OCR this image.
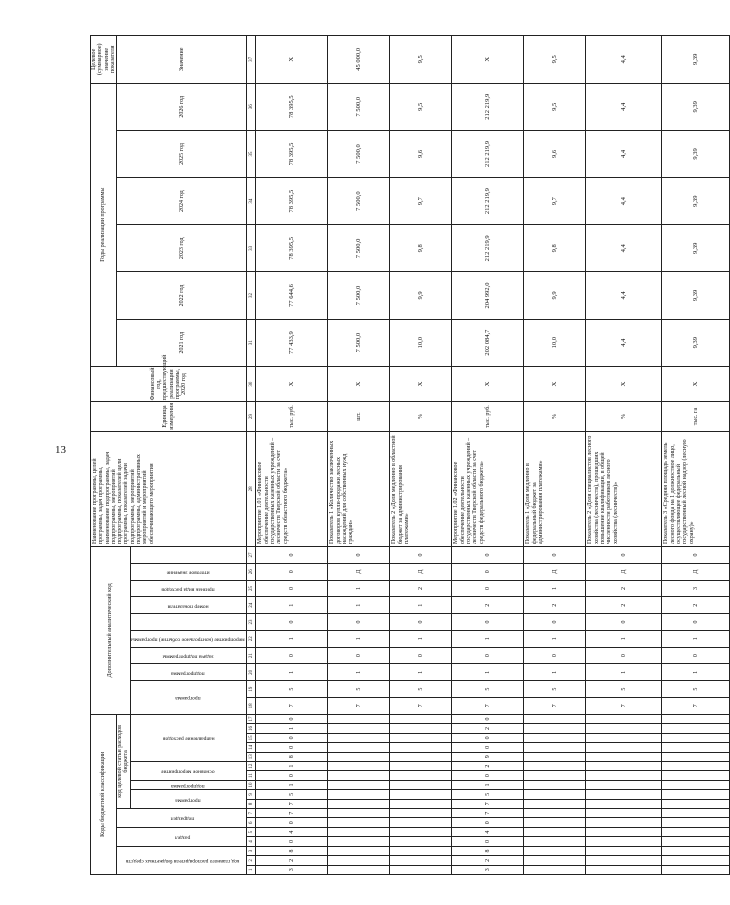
13
Коды бюджетной классификации																	Дополнительный аналитический код										Наименование программы, целей программы, задач программы, наименование подпрограммы, задач подпрограммы, мероприятий подпрограммы, показателей цели программы, показателей задачи подпрограммы, мероприятий подпрограммы, административных мероприятий и мероприятий обеспечивающего мероприятия	Единица измерения	Финансовый год, предшествующий реализации программы, 2020 год	Годы реализации программы						Целевое (суммарное) значение показателя
код главного распорядителя бюджетных средств			раздел		подраздел		код целевой статьи расходов бюджета																							2021 год	2022 год	2023 год	2024 год	2025 год	2026 год	Значение
							программа		подпрограмма	основное мероприятие		направление расходов					программа		подпрограмма	задача подпрограммы	мероприятие (контрольное событие) программы		номер показателя	признак вида расходов	итоговое значение											
1	2	3	4	5	6	7	8	9	10	11	12	13	14	15	16	17	18	19	20	21	22	23	24	25	26	27	28	29	30	31	32	33	34	35	36	37
3	2	8	0	4	0	7	7	5	1	0	1	8	0	0	1	0	7	5	1	0	1	0	1	0	0	0	Мероприятие 1.01 «Финансовое обеспечение деятельности государственных казенных учреждений – лесничеств Тверской области за счет средств областного бюджета»	тыс. руб.	Х	77 433,9	77 644,6	78 395,5	78 395,5	78 395,5	78 395,5	Х
																	7	5	1	0	1	0	1	1	Д	0	Показатель 1 «Количество заключенных договоров купли-продажи лесных насаждений для собственных нужд граждан»	шт.	Х	7 500,0	7 500,0	7 500,0	7 500,0	7 500,0	7 500,0	45 000,0
																	7	5	1	0	1	0	1	2	Д	0	Показатель 2 «Доля медленно в областной бюджет за администрирования платежами»	%	Х	10,0	9,9	9,8	9,7	9,6	9,5	9,5
3	2	8	0	4	0	7	7	5	1	0	2	9	0	0	2	0	7	5	1	0	1	0	2	0	0	0	Мероприятие 1.02 «Финансовое обеспечение деятельности государственных казенных учреждений – лесничеств Тверской области за счет средств федерального бюджета»	тыс. руб.	Х	202 084,7	204 992,0	212 219,9	212 219,9	212 219,9	212 219,9	Х
																	7	5	1	0	1	0	2	1	Д	0	Показатель 1 «Доля медленно в федеральный бюджет за администрирования платежами»	%	Х	10,0	9,9	9,8	9,7	9,6	9,5	9,5
																	7	5	1	0	1	0	2	2	Д	0	Показатель 2 «Доля специалистов лесного хозяйства (лесничеств), прошедших повышение квалификации, в общей численности работников лесного хозяйства (лесничеств)»	%	Х	4,4	4,4	4,4	4,4	4,4	4,4	4,4
																	7	5	1	0	1	0	2	3	Д	0	Показатель 3 «Средняя площадь земель лесного фонда на 1 должностное лицо, осуществляющее федеральный государственный лесной надзор (лесную охрану)»	тыс. га	Х	9,39	9,39	9,39	9,39	9,39	9,39	9,39
